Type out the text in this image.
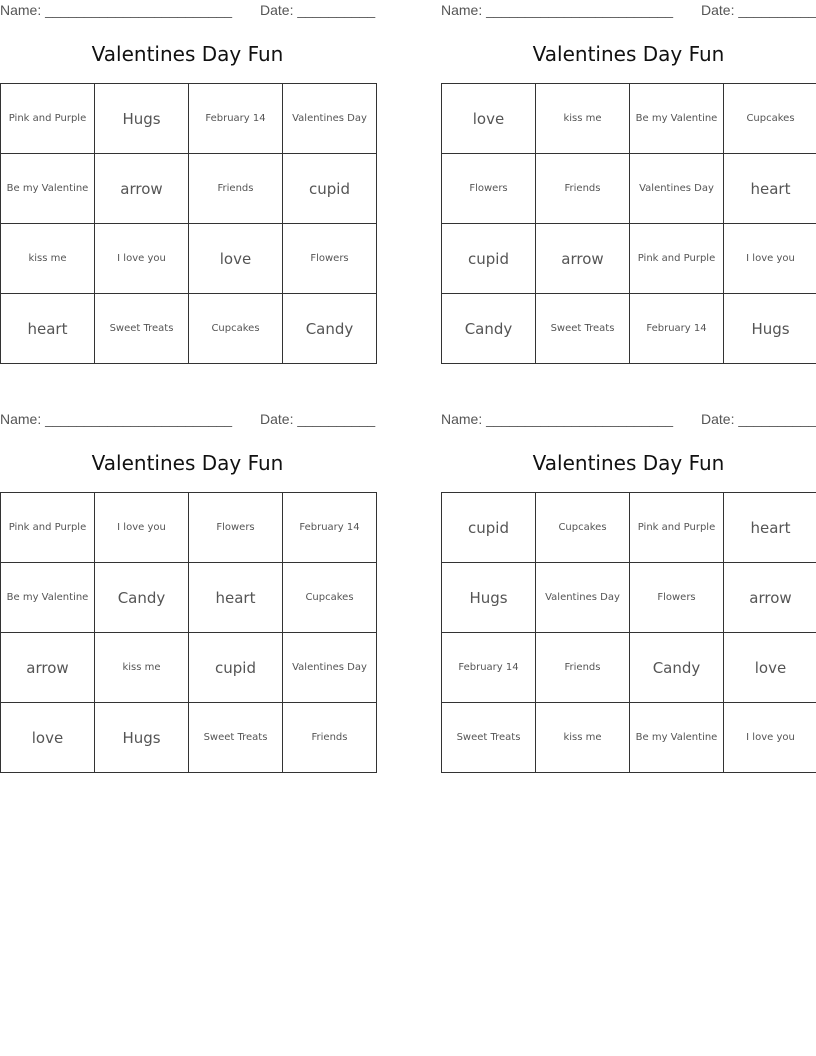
Name: ________________________ Date: __________
Valentines Day Fun
Pink and Purple	Hugs	February 14	Valentines Day
Be my Valentine	arrow	Friends	cupid
kiss me	I love you	love	Flowers
heart	Sweet Treats	Cupcakes	Candy
Name: ________________________ Date: __________
Valentines Day Fun
love	kiss me	Be my Valentine	Cupcakes
Flowers	Friends	Valentines Day	heart
cupid	arrow	Pink and Purple	I love you
Candy	Sweet Treats	February 14	Hugs
Name: ________________________ Date: __________
Valentines Day Fun
Pink and Purple	I love you	Flowers	February 14
Be my Valentine	Candy	heart	Cupcakes
arrow	kiss me	cupid	Valentines Day
love	Hugs	Sweet Treats	Friends
Name: ________________________ Date: __________
Valentines Day Fun
cupid	Cupcakes	Pink and Purple	heart
Hugs	Valentines Day	Flowers	arrow
February 14	Friends	Candy	love
Sweet Treats	kiss me	Be my Valentine	I love you
